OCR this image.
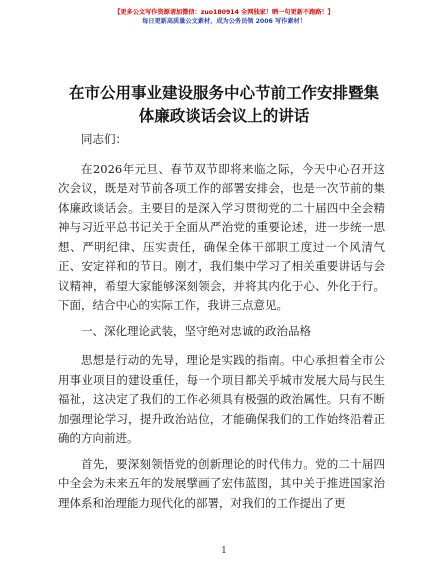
【更多公文写作资源请加微信：zuo180914 全网独家！晒一句更新不跑路！】
每日更新高质量公文素材，成为公务员领 2006 写作素材！
在市公用事业建设服务中心节前工作安排暨集体廉政谈话会议上的讲话

同志们：

在2026年元旦、春节双节即将来临之际，今天中心召开这次会议，既是对节前各项工作的部署安排会，也是一次节前的集体廉政谈话会。主要目的是深入学习贯彻党的二十届四中全会精神与习近平总书记关于全面从严治党的重要论述，进一步统一思想、严明纪律、压实责任，确保全体干部职工度过一个风清气正、安定祥和的节日。刚才，我们集中学习了相关重要讲话与会议精神，希望大家能够深刻领会，并将其内化于心、外化于行。下面，结合中心的实际工作，我讲三点意见。

一、深化理论武装，坚守绝对忠诚的政治品格

思想是行动的先导，理论是实践的指南。中心承担着全市公用事业项目的建设重任，每一个项目都关乎城市发展大局与民生福祉，这决定了我们的工作必须具有极强的政治属性。只有不断加强理论学习，提升政治站位，才能确保我们的工作始终沿着正确的方向前进。

首先，要深刻领悟党的创新理论的时代伟力。党的二十届四中全会为未来五年的发展擘画了宏伟蓝图，其中关于推进国家治理体系和治理能力现代化的部署，对我们的工作提出了更

1
